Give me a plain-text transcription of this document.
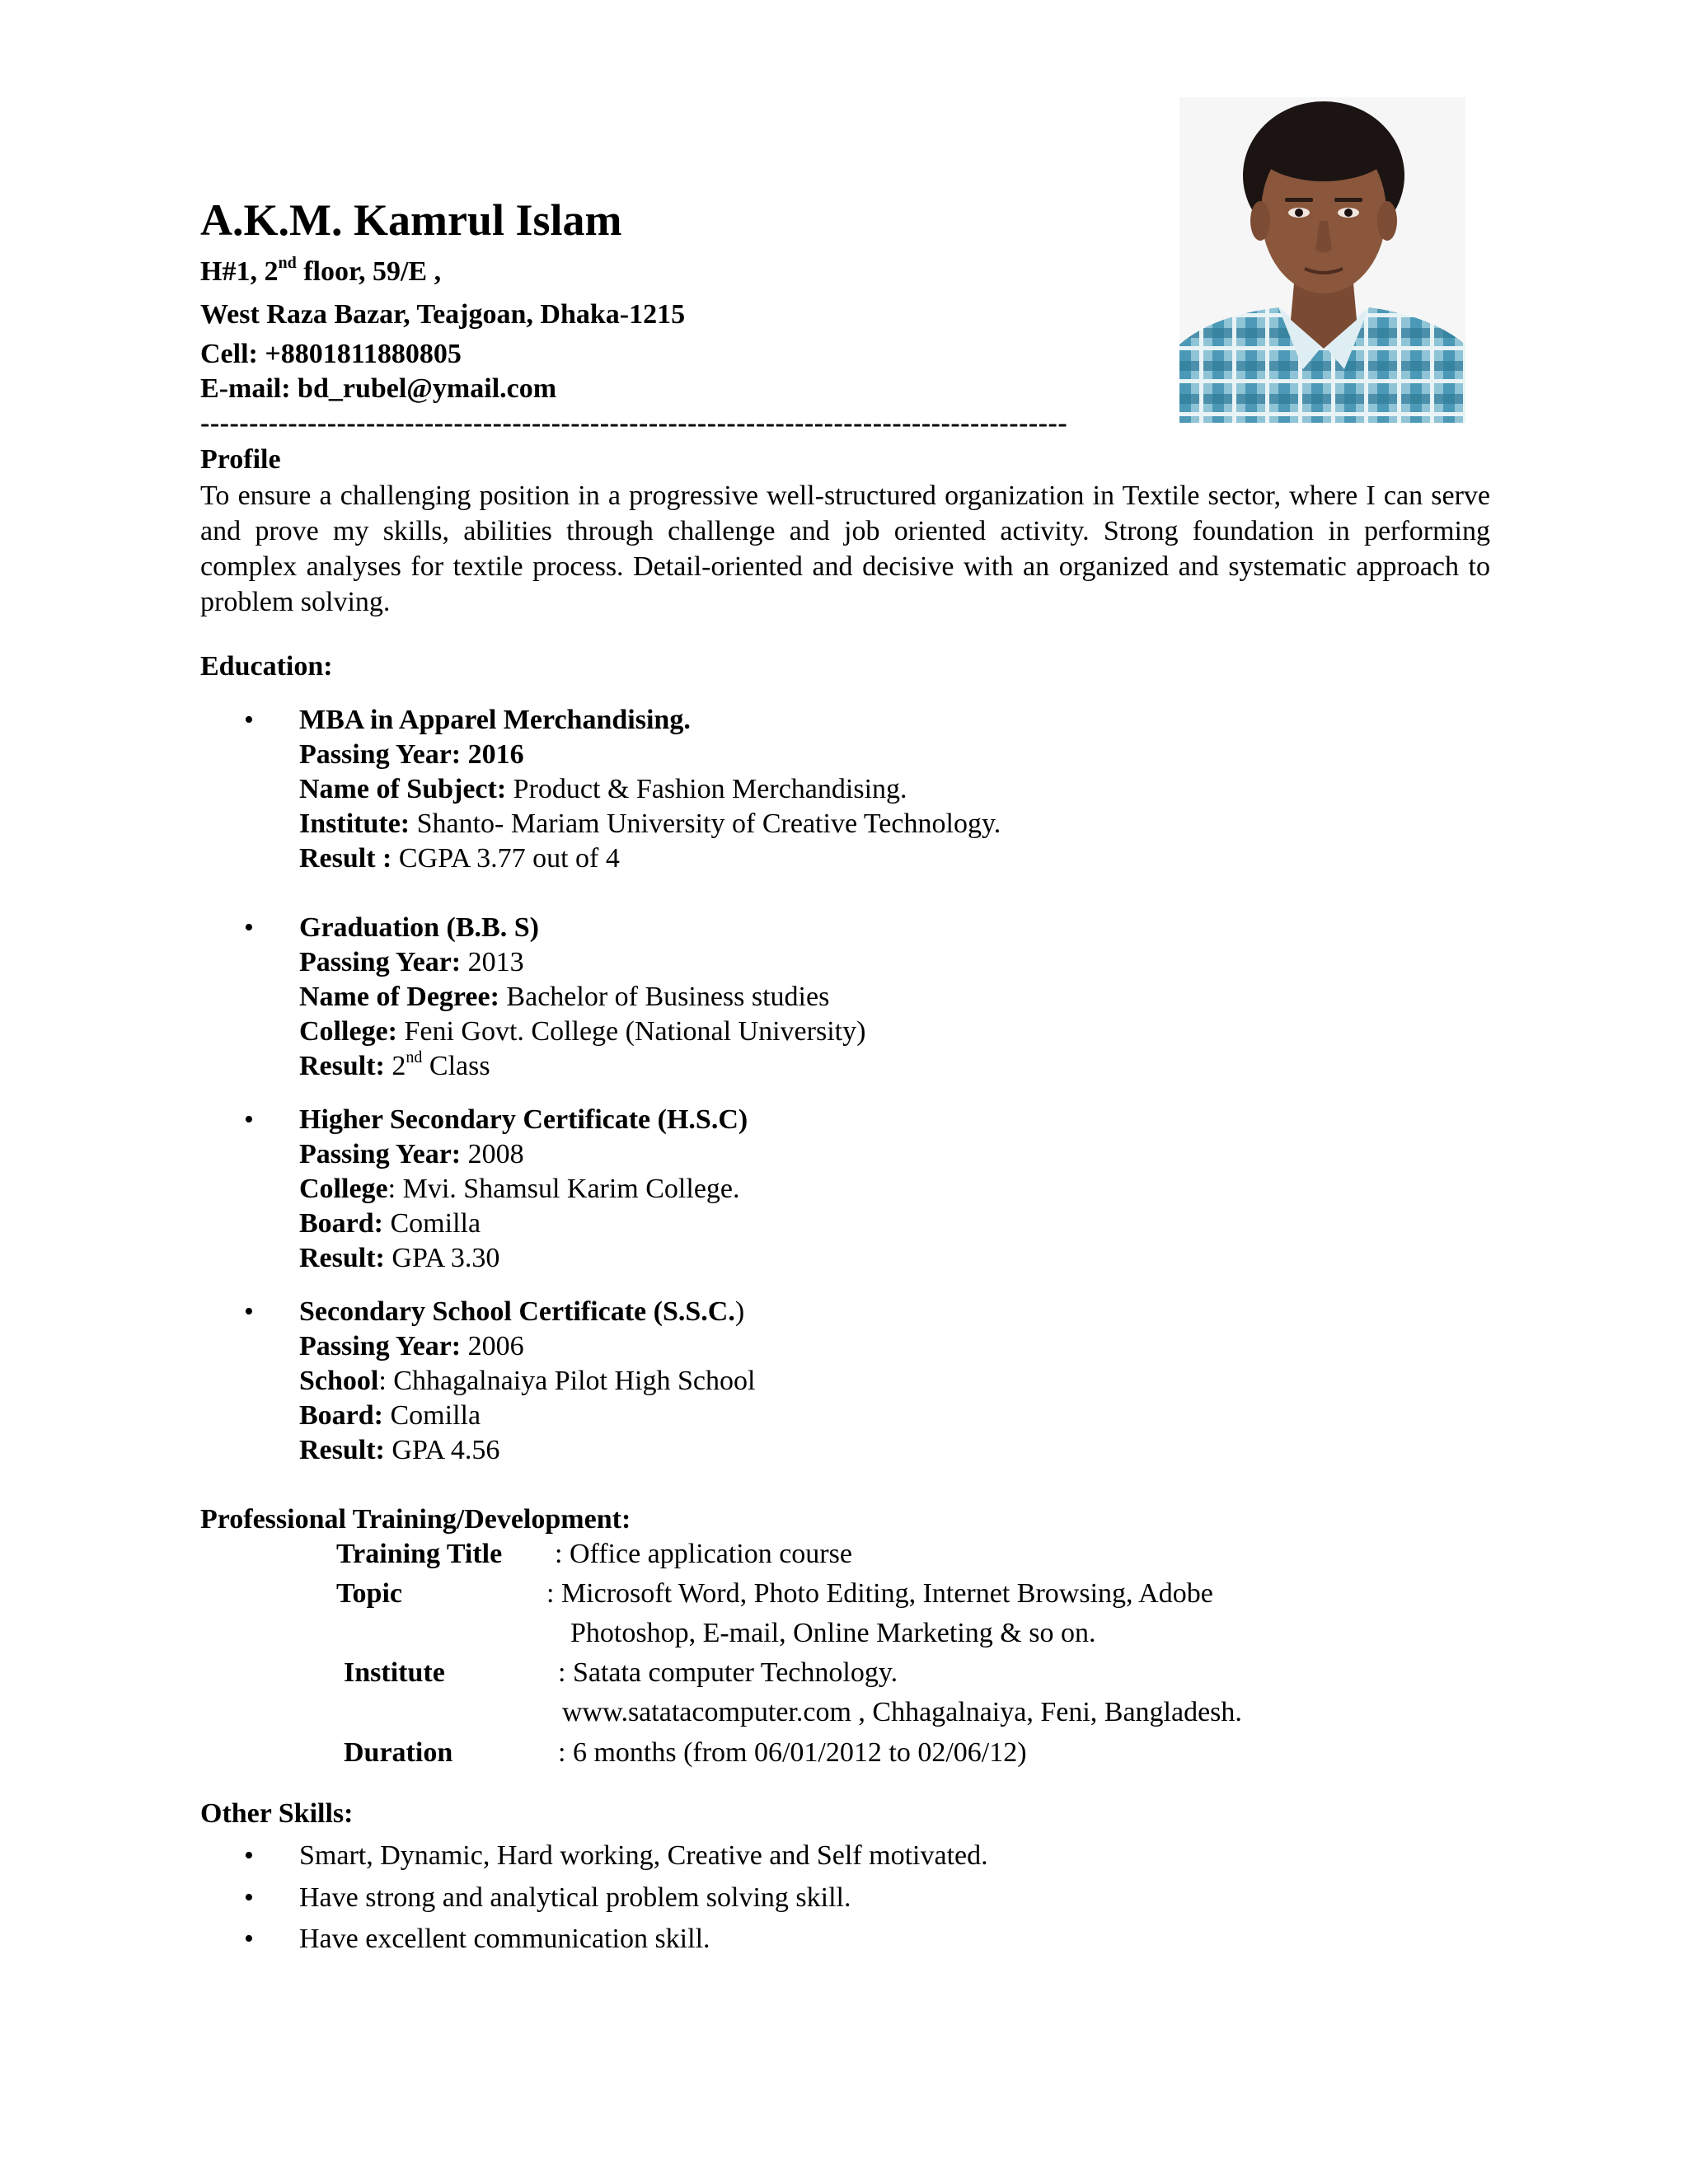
A.K.M. Kamrul Islam
H#1, 2nd floor, 59/E ,
West Raza Bazar, Teajgoan, Dhaka-1215
Cell: +8801811880805
E-mail: bd_rubel@ymail.com
-----------------------------------------------------------------------------------------
Profile

To ensure a challenging position in a progressive well-structured organization in Textile sector, where I can serve and prove my skills, abilities through challenge and job oriented activity. Strong foundation in performing complex analyses for textile process. Detail-oriented and decisive with an organized and systematic approach to problem solving.

Education:
• MBA in Apparel Merchandising.
Passing Year: 2016
Name of Subject: Product & Fashion Merchandising.
Institute: Shanto- Mariam University of Creative Technology.
Result : CGPA 3.77 out of 4
• Graduation (B.B. S)
Passing Year: 2013
Name of Degree: Bachelor of Business studies
College: Feni Govt. College (National University)
Result: 2nd Class
• Higher Secondary Certificate (H.S.C)
Passing Year: 2008
College: Mvi. Shamsul Karim College.
Board: Comilla
Result: GPA 3.30
• Secondary School Certificate (S.S.C.)
Passing Year: 2006
School: Chhagalnaiya Pilot High School
Board: Comilla
Result: GPA 4.56
Professional Training/Development:
Training Title : Office application course
Topic	: Microsoft Word, Photo Editing, Internet Browsing, Adobe
Photoshop, E-mail, Online Marketing & so on.
Institute	: Satata computer Technology.
www.satatacomputer.com , Chhagalnaiya, Feni, Bangladesh.
Duration	: 6 months (from 06/01/2012 to 02/06/12)
Other Skills:
• Smart, Dynamic, Hard working, Creative and Self motivated.
• Have strong and analytical problem solving skill.
• Have excellent communication skill.
